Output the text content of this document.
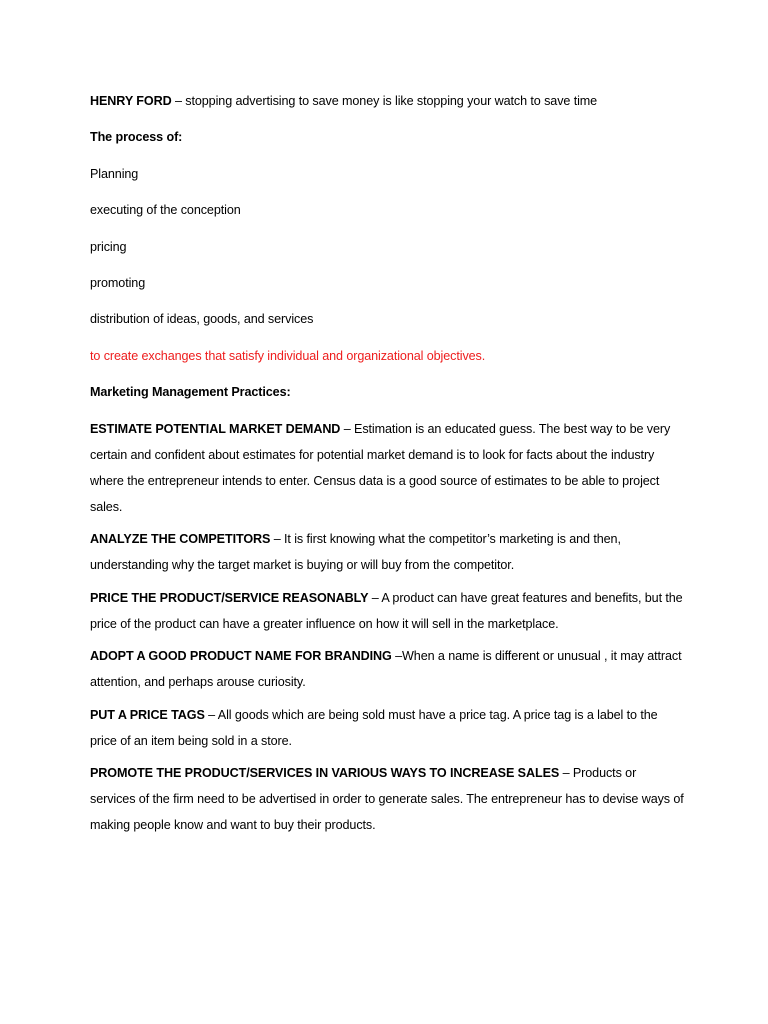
HENRY FORD – stopping advertising to save money is like stopping your watch to save time

The process of:

Planning

executing of the conception

pricing

promoting

distribution of ideas, goods, and services

to create exchanges that satisfy individual and organizational objectives.

Marketing Management Practices:

ESTIMATE POTENTIAL MARKET DEMAND – Estimation is an educated guess. The best way to be very certain and confident about estimates for potential market demand is to look for facts about the industry where the entrepreneur intends to enter. Census data is a good source of estimates to be able to project sales.

ANALYZE THE COMPETITORS – It is first knowing what the competitor’s marketing is and then, understanding why the target market is buying or will buy from the competitor.

PRICE THE PRODUCT/SERVICE REASONABLY – A product can have great features and benefits, but the price of the product can have a greater influence on how it will sell in the marketplace.

ADOPT A GOOD PRODUCT NAME FOR BRANDING –When a name is different or unusual , it may attract attention, and perhaps arouse curiosity.

PUT A PRICE TAGS – All goods which are being sold must have a price tag. A price tag is a label to the price of an item being sold in a store.

PROMOTE THE PRODUCT/SERVICES IN VARIOUS WAYS TO INCREASE SALES – Products or services of the firm need to be advertised in order to generate sales. The entrepreneur has to devise ways of making people know and want to buy their products.
